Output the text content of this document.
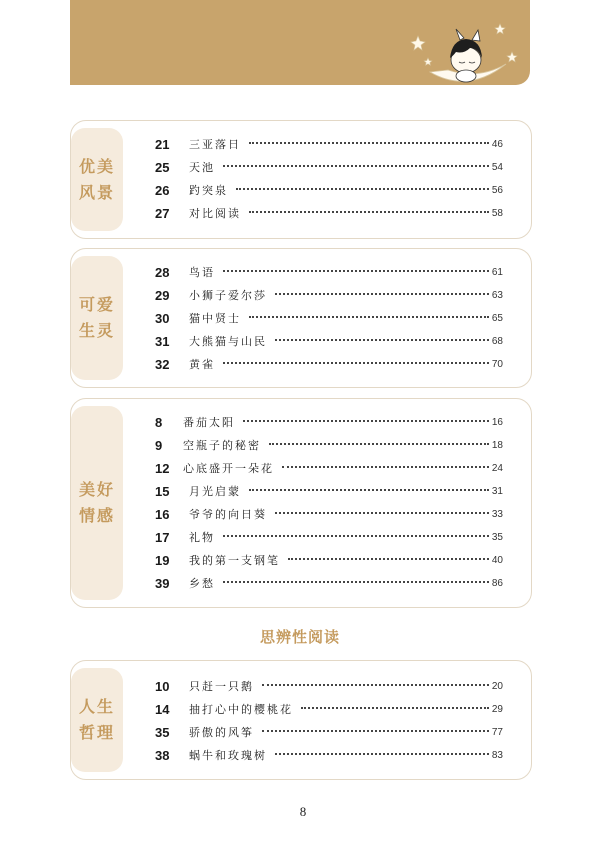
优美
风景
21	三亚落日	46
25	天池	54
26	趵突泉	56
27	对比阅读	58
可爱
生灵
28	鸟语	61
29	小狮子爱尔莎	63
30	猫中贤士	65
31	大熊猫与山民	68
32	黄雀	70
美好
情感
8	番茄太阳	16
9	空瓶子的秘密	18
12	心底盛开一朵花	24
15	月光启蒙	31
16	爷爷的向日葵	33
17	礼物	35
19	我的第一支钢笔	40
39	乡愁	86
思辨性阅读
人生
哲理
10	只赶一只鹅	20
14	抽打心中的樱桃花	29
35	骄傲的风筝	77
38	蜗牛和玫瑰树	83
8
